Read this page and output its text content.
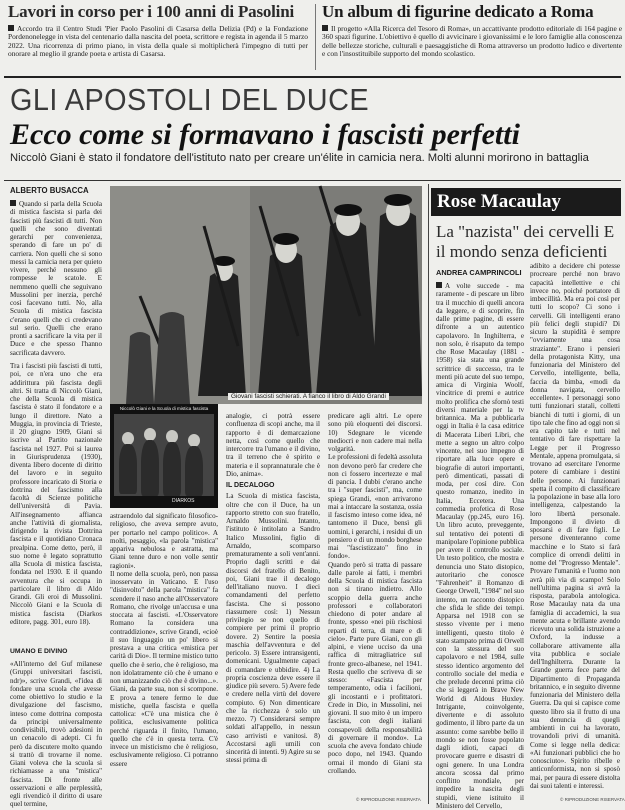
Lavori in corso per i 100 anni di Pasolini
Accordo tra il Centro Studi 'Pier Paolo Pasolini di Casarsa della Delizia (Pd) e la Fondazione Pordenonelegge in vista del centenario dalla nascita del poeta, scrittore e regista in agenda il 5 marzo 2022. Una ricorrenza di primo piano, in vista della quale si moltiplicherà l'impegno di tutti per onorare al meglio il grande poeta e artista di Casarsa.
Un album di figurine dedicato a Roma
Il progetto «Alla Ricerca del Tesoro di Roma», un accattivante prodotto editoriale di 164 pagine e 360 spazi figurine. L'obiettivo è quello di avvicinare i giovanissimi e le loro famiglie alla conoscenza delle bellezze storiche, culturali e paesaggistiche di Roma attraverso un prodotto ludico e divertente e con l'insostituibile supporto del mondo scolastico.
GLI APOSTOLI DEL DUCE
Ecco come si formavano i fascisti perfetti
Niccolò Giani è stato il fondatore dell'istituto nato per creare un'élite in camicia nera. Molti alunni morirono in battaglia
ALBERTO BUSACCA
Quando si parla della Scuola di mistica fascista si parla dei fascisti più fascisti di tutti. Non quelli che sono diventati gerarchi per convenienza, sperando di fare un po' di carriera. Non quelli che si sono messi la camicia nera per quieto vivere, perché nessuno gli rompesse le scatole. E nemmeno quelli che seguivano Mussolini per inerzia, perché così facevano tutti. No, alla Scuola di mistica fascista c'erano quelli che ci credevano sul serio. Quelli che erano pronti a sacrificare la vita per il Duce e che spesso l'hanno sacrificata davvero.
Tra i fascisti più fascisti di tutti, poi, ce n'era uno che era addirittura più fascista degli altri. Si tratta di Niccolò Giani, che della Scuola di mistica fascista è stato il fondatore e a lungo il direttore. Nato a Muggia, in provincia di Trieste, il 20 giugno 1909, Giani si iscrive al Partito nazionale fascista nel 1927. Poi si laurea in Giurisprudenza (1930), diventa libero docente di diritto del lavoro e in seguito professore incaricato di Storia e dottrina del fascismo alla facoltà di Scienze politiche dell'università di Pavia. All'insegnamento affianca anche l'attività di giornalista, dirigendo la rivista Dottrina fascista e il quotidiano Cronaca prealpina. Come detto, però, il suo nome è legato soprattutto alla Scuola di mistica fascista, fondata nel 1930. E il quando avventura che si occupa in particolare il libro di Aldo Grandi. Gli eroi di Mussolini. Niccolò Giani e la Scuola di mistica fascista (Diarkos editore, pagg. 301, euro 18).
UMANO E DIVINO
«All'interno del Guf milanese (Gruppi universitari fascisti, ndr)», scrive Grandi, «l'idea di fondare una scuola che avesse come obiettivo lo studio e la divulgazione del fascismo, inteso come dottrina composta da principi universalmente condivisibili, trovò adesioni in un cenacolo di adepti. Ci fu però da discutere molto quando si trattò di trovarne il nome. Giani voleva che la scuola si richiamasse a una "mistica" fascista. Di fronte alle osservazioni e alle perplessità, egli rivendicò il diritto di usare quel termine,
Niccolò Giani e la Scuola di mistica fascista
DIARKOS
Giovani fascisti schierati. A fianco il libro di Aldo Grandi
astraendolo dal significato filosofico-religioso, che aveva sempre avuto, per portarlo nel campo politico». A molti, pesaggio, «la parola "mistica" appariva nebulosa e astratta, ma Giani tenne duro e non volle sentir ragioni».
Il nome della scuola, però, non passa inosservato in Vaticano. E l'uso "disinvolto" della parola "mistica" fa scendere il naso anche all'Osservatore Romano, che rivolge un'accusa e una stoccata ai fascisti. «L'Osservatore Romano la considera una contraddizione», scrive Grandi, «cioè il suo linguaggio un po' libero si prestava a una critica «mistica per carità di Dio». Il termine mistico tutto quello che è serio, che è religioso, ma non idolatramente ciò che è umano e non umanizzando ciò che è divino...». Giani, da parte sua, non si scompone. E prova a tenere fermo le due mistiche, quella fascista e quella cattolica: «C'è una mistica che è politica, esclusivamente politica perché riguarda il finito, l'umano, quello che c'è in questa terra. C'è invece un misticismo che è religioso, esclusivamente religioso. Ci potranno essere
analogie, ci potrà essere confluenza di scopi anche, ma il rapporto è di demarcazione netta, così come quello che intercorre tra l'umano e il divino, tra il terreno che è spirito e materia e il soprannaturale che è Dio, anima».
IL DECALOGO
La Scuola di mistica fascista, oltre che con il Duce, ha un rapporto stretto con suo fratello, Arnaldo Mussolini. Intanto, l'istituto è intitolato a Sandro Italico Mussolini, figlio di Arnaldo, scomparso prematuramente a soli vent'anni. Proprio dagli scritti e dai discorsi del fratello di Benito, poi, Giani trae il decalogo dell'italiano nuovo. I dieci comandamenti del perfetto fascista. Che si possono riassumere così: 1) Nessun privilegio se non quello di compiere per primi il proprio dovere. 2) Sentire la poesia maschia dell'avventura e del pericolo. 3) Essere intransigenti, domenicani. Ugualmente capaci di comandare e ubbidire. 4) La propria coscienza deve essere il giudice più severo. 5) Avere fede e credere nella virtù del dovere compiuto. 6) Non dimenticare che la ricchezza è solo un mezzo. 7) Considerarsi sempre soldati all'appello, in nessun caso arrivisti e vanitosi. 8) Accostarsi agli umili con sincerità di intenti. 9) Agire su se stessi prima di
predicare agli altri. Le opere sono più eloquenti dei discorsi. 10) Sdegnare le vicende mediocri e non cadere mai nella volgarità.
Le professioni di fedeltà assoluta non devono però far credere che non ci fossero incertezze e mal di pancia. I dubbi c'erano anche tra i "super fascisti", ma, come spiega Grandi, «non arrivarono mai a intaccare la sostanza, ossia il fascismo inteso come idea, né tantomeno il Duce, bensì gli uomini, i gerarchi, i residui di un pensiero e di un mondo borghese mai "fascistizzato" fino in fondo».
Quando però si tratta di passare dalle parole ai fatti, i membri della Scuola di mistica fascista non si tirano indietro. Allo scoppio della guerra anche professori e collaboratori chiedono di poter andare al fronte, spesso «nei più rischiosi reparti di terra, di mare e di cielo». Parte pure Giani, con gli alpini, e viene ucciso da una raffica di mitragliatrice sul fronte greco-albanese, nel 1941. Resta quello che scriveva di se stesso: «Fascista per temperamento, odia i facilioni, gli incostanti e i profittatori. Crede in Dio, in Mussolini, nei giovani. Il suo mito è un impero fascista, con degli italiani consapevoli della responsabilità di governare il mondo». La scuola che aveva fondato chiude poco dopo, nel 1943. Quando ormai il mondo di Giani sta crollando.
© RIPRODUZIONE RISERVATA
Rose Macaulay
La "nazista" dei cervelli E il mondo senza deficienti
ANDREA CAMPRINCOLI
A volte succede - ma raramente - di pescare un libro tra il mucchio di quelli ancora da leggere, e di scoprire, fin dalle prime pagine, di essere difronte a un autentico capolavoro. In Inghilterra, e non solo, è risaputo da tempo che Rose Macaulay (1881 - 1958) sia stata una grande scrittrice di successo, tra le menti più acute del suo tempo, amica di Virginia Woolf, vincitrice di premi e autrice molto prolifica che sfornò testi diversi materiale per la tv britannica. Ma a pubblicarla oggi in Italia è la casa editrice di Macerata Liberi Libri, che mette a segno un altro colpo vincente, nel suo impegno di riportare alla luce opere e biografie di autori importanti, però dimenticati, passati di moda, per così dire. Con questo romanzo, inedito in Italia, Eccetera. Una commedia profetica di Rose Macaulay (pp.245, euro 16). Un libro acuto, preveggente, sul tentativo dei potenti di manipolare l'opinione pubblica per avere il controllo sociale. Un testo politico, che mostra e denuncia uno Stato distopico, autoritario che conosce "Fahrenheit" il Romanzo di George Orwell, "1984" nel suo intento, un racconto distopico che sfida le sfide dei tempi. Apparsa nel 1918 con se stesso vivente per i meno intelligenti, questo titolo è stato stampato prima di Orwell con la stessura del suo capolavoro e nel 1984, sulle stesso identico argomento del controllo sociale del media e che prelude decenni prima ciò che si leggerà in Brave New World di Aldous Huxley. Intrigante, coinvolgente, divertente e di assoluto godimento, il libro parte da un assunto: come sarebbe bello il mondo se non fosse popolato dagli idioti, capaci di provocare guerre e disastri di ogni genere. In una Londra ancora scossa dal primo conflitto mondiale, per impedire la nascita degli stupidi, viene istituito il Ministero del Cervello,
adibito a decidere chi potesse procreare perché non bravo capacità intellettive e chi invece no, poiché portatore di imbecillità. Ma era poi così per tutti lo scopo? Ci sono i cervelli. Gli intelligenti erano più felici degli stupidi? Di sicuro la stupidità è sempre "ovviamente una cosa straziante". Erano i pensieri della protagonista Kitty, una funzionaria del Ministero del Cervello, intelligente, bella, faccia da bimba, «modi da donna navigata, cervello eccellente». I personaggi sono tutti funzionari statali, colletti bianchi di tutti i giorni, di un tipo tale che fino ad oggi non si era capito tale e tutti nel tentativo di fare rispettare la Legge per il Progresso Mentale, appena promulgata, si trovano ad esercitare l'enorme potere di cambiare i destini delle persone. Ai funzionari spetta il compito di classificare la popolazione in base alla loro intelligenza, calpestando la loro libertà personale. Impongono il divieto di sposarsi e di fare figli. Le persone diventeranno come macchine e lo Stato si farà complice di orrendi delitti in nome del "Progresso Mentale". Provare l'umanità e l'uomo non avrà più via di scampo! Solo nell'ultima pagina si avrà la risposta, parabola antologica. Rose Macaulay nata da una famiglia di accademici, la sua mente acuta e brillante avendo ricevuto una solida istruzione a Oxford, la indusse a collaborare attivamente alla vita pubblica e sociale dell'Inghilterra. Durante la Grande guerra fece parte del Dipartimento di Propaganda britannico, e in seguito divenne funzionaria del Ministero della Guerra. Da qui si capisce come questo libro sia il frutto di una sua denuncia di quegli ambienti in cui ha lavorato, trovandoli privi di umanità. Come si legge nella dedica: «Ai funzionari pubblici che ho conosciuto». Spirito ribelle e anticonformista, non si sposò mai, per paura di essere distolta dai suoi talenti e interessi.
© RIPRODUZIONE RISERVATA
